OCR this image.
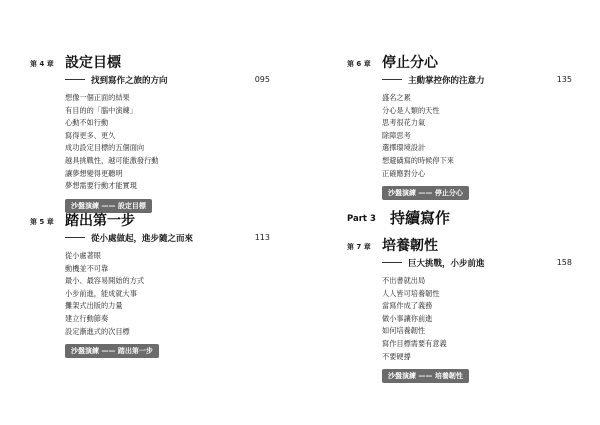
第 4 章 設定目標
找到寫作之旅的方向	095
想像一個正面的結果
有目的的「腦中演練」
心動不如行動
寫得更多、更久
成功設定目標的五個面向
越具挑戰性，越可能激發行動
讓夢想變得更聽明
夢想需要行動才能實現
沙盤演練 —— 設定目標
第 5 章 踏出第一步
從小處做起，進步隨之而來	113
從小處著眼
動機並不可靠
最小、最容易開始的方式
小步前進，能成就大事
攤架式出版的力量
建立行動節奏
設定漸進式的次目標
沙盤演練 —— 踏出第一步
第 6 章 停止分心
主動掌控你的注意力	135
盛名之累
分心是人類的天性
思考很花力氣
除障思考
選擇環境設計
想避磺寫的時候停下來
正確應對分心
沙盤演練 —— 停止分心
Part 3 持續寫作
第 7 章 培養韌性
巨大挑戰，小步前進	158
不出書就出局
人人皆可培養韌性
當寫作成了義務
做小事讓你前進
如何培養韌性
寫作目標需要有意義
不要硬撐
沙盤演練 —— 培養韌性
